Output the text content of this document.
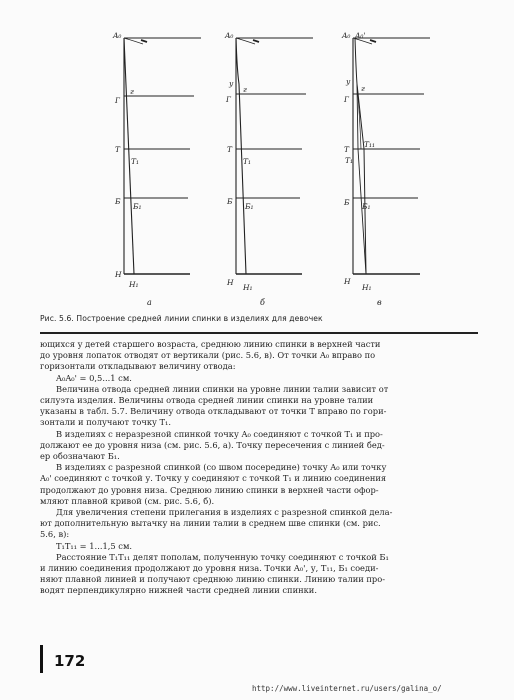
A₀
Г
г
Т
Т₁
Б
Б₁
Н
Н₁
а
A₀
у
Г
г
Т
Т₁
Б
Б₁
Н
Н₁
б
A₀ A₀'
у
Г
г
Т
Т₁
Т₁₁
Б Б₁
Н
Н₁
в
Рис. 5.6. Построение средней линии спинки в изделиях для девочек

ющихся у детей старшего возраста, среднюю линию спинки в верхней части

до уровня лопаток отводят от вертикали (рис. 5.6, в). От точки A₀ вправо по

горизонтали откладывают величину отвода:

A₀A₀' = 0,5...1 см.

Величина отвода средней линии спинки на уровне линии талии зависит от

силуэта изделия. Величины отвода средней линии спинки на уровне талии

указаны в табл. 5.7. Величину отвода откладывают от точки Т вправо по гори-

зонтали и получают точку Т₁.

В изделиях с неразрезной спинкой точку A₀ соединяют с точкой Т₁ и про-

должают ее до уровня низа (см. рис. 5.6, а). Точку пересечения с линией бед-

ер обозначают Б₁.

В изделиях с разрезной спинкой (со швом посередине) точку A₀ или точку

A₀' соединяют с точкой у. Точку у соединяют с точкой Т₁ и линию соединения

продолжают до уровня низа. Среднюю линию спинки в верхней части офор-

мляют плавной кривой (см. рис. 5.6, б).

Для увеличения степени прилегания в изделиях с разрезной спинкой дела-

ют дополнительную вытачку на линии талии в среднем шве спинки (см. рис.

5.6, в):

Т₁Т₁₁ = 1...1,5 см.

Расстояние Т₁Т₁₁ делят пополам, полученную точку соединяют с точкой Б₁

и линию соединения продолжают до уровня низа. Точки A₀', у, Т₁₁, Б₁ соеди-

няют плавной линией и получают среднюю линию спинки. Линию талии про-

водят перпендикулярно нижней части средней линии спинки.

172
http://www.liveinternet.ru/users/galina_o/
